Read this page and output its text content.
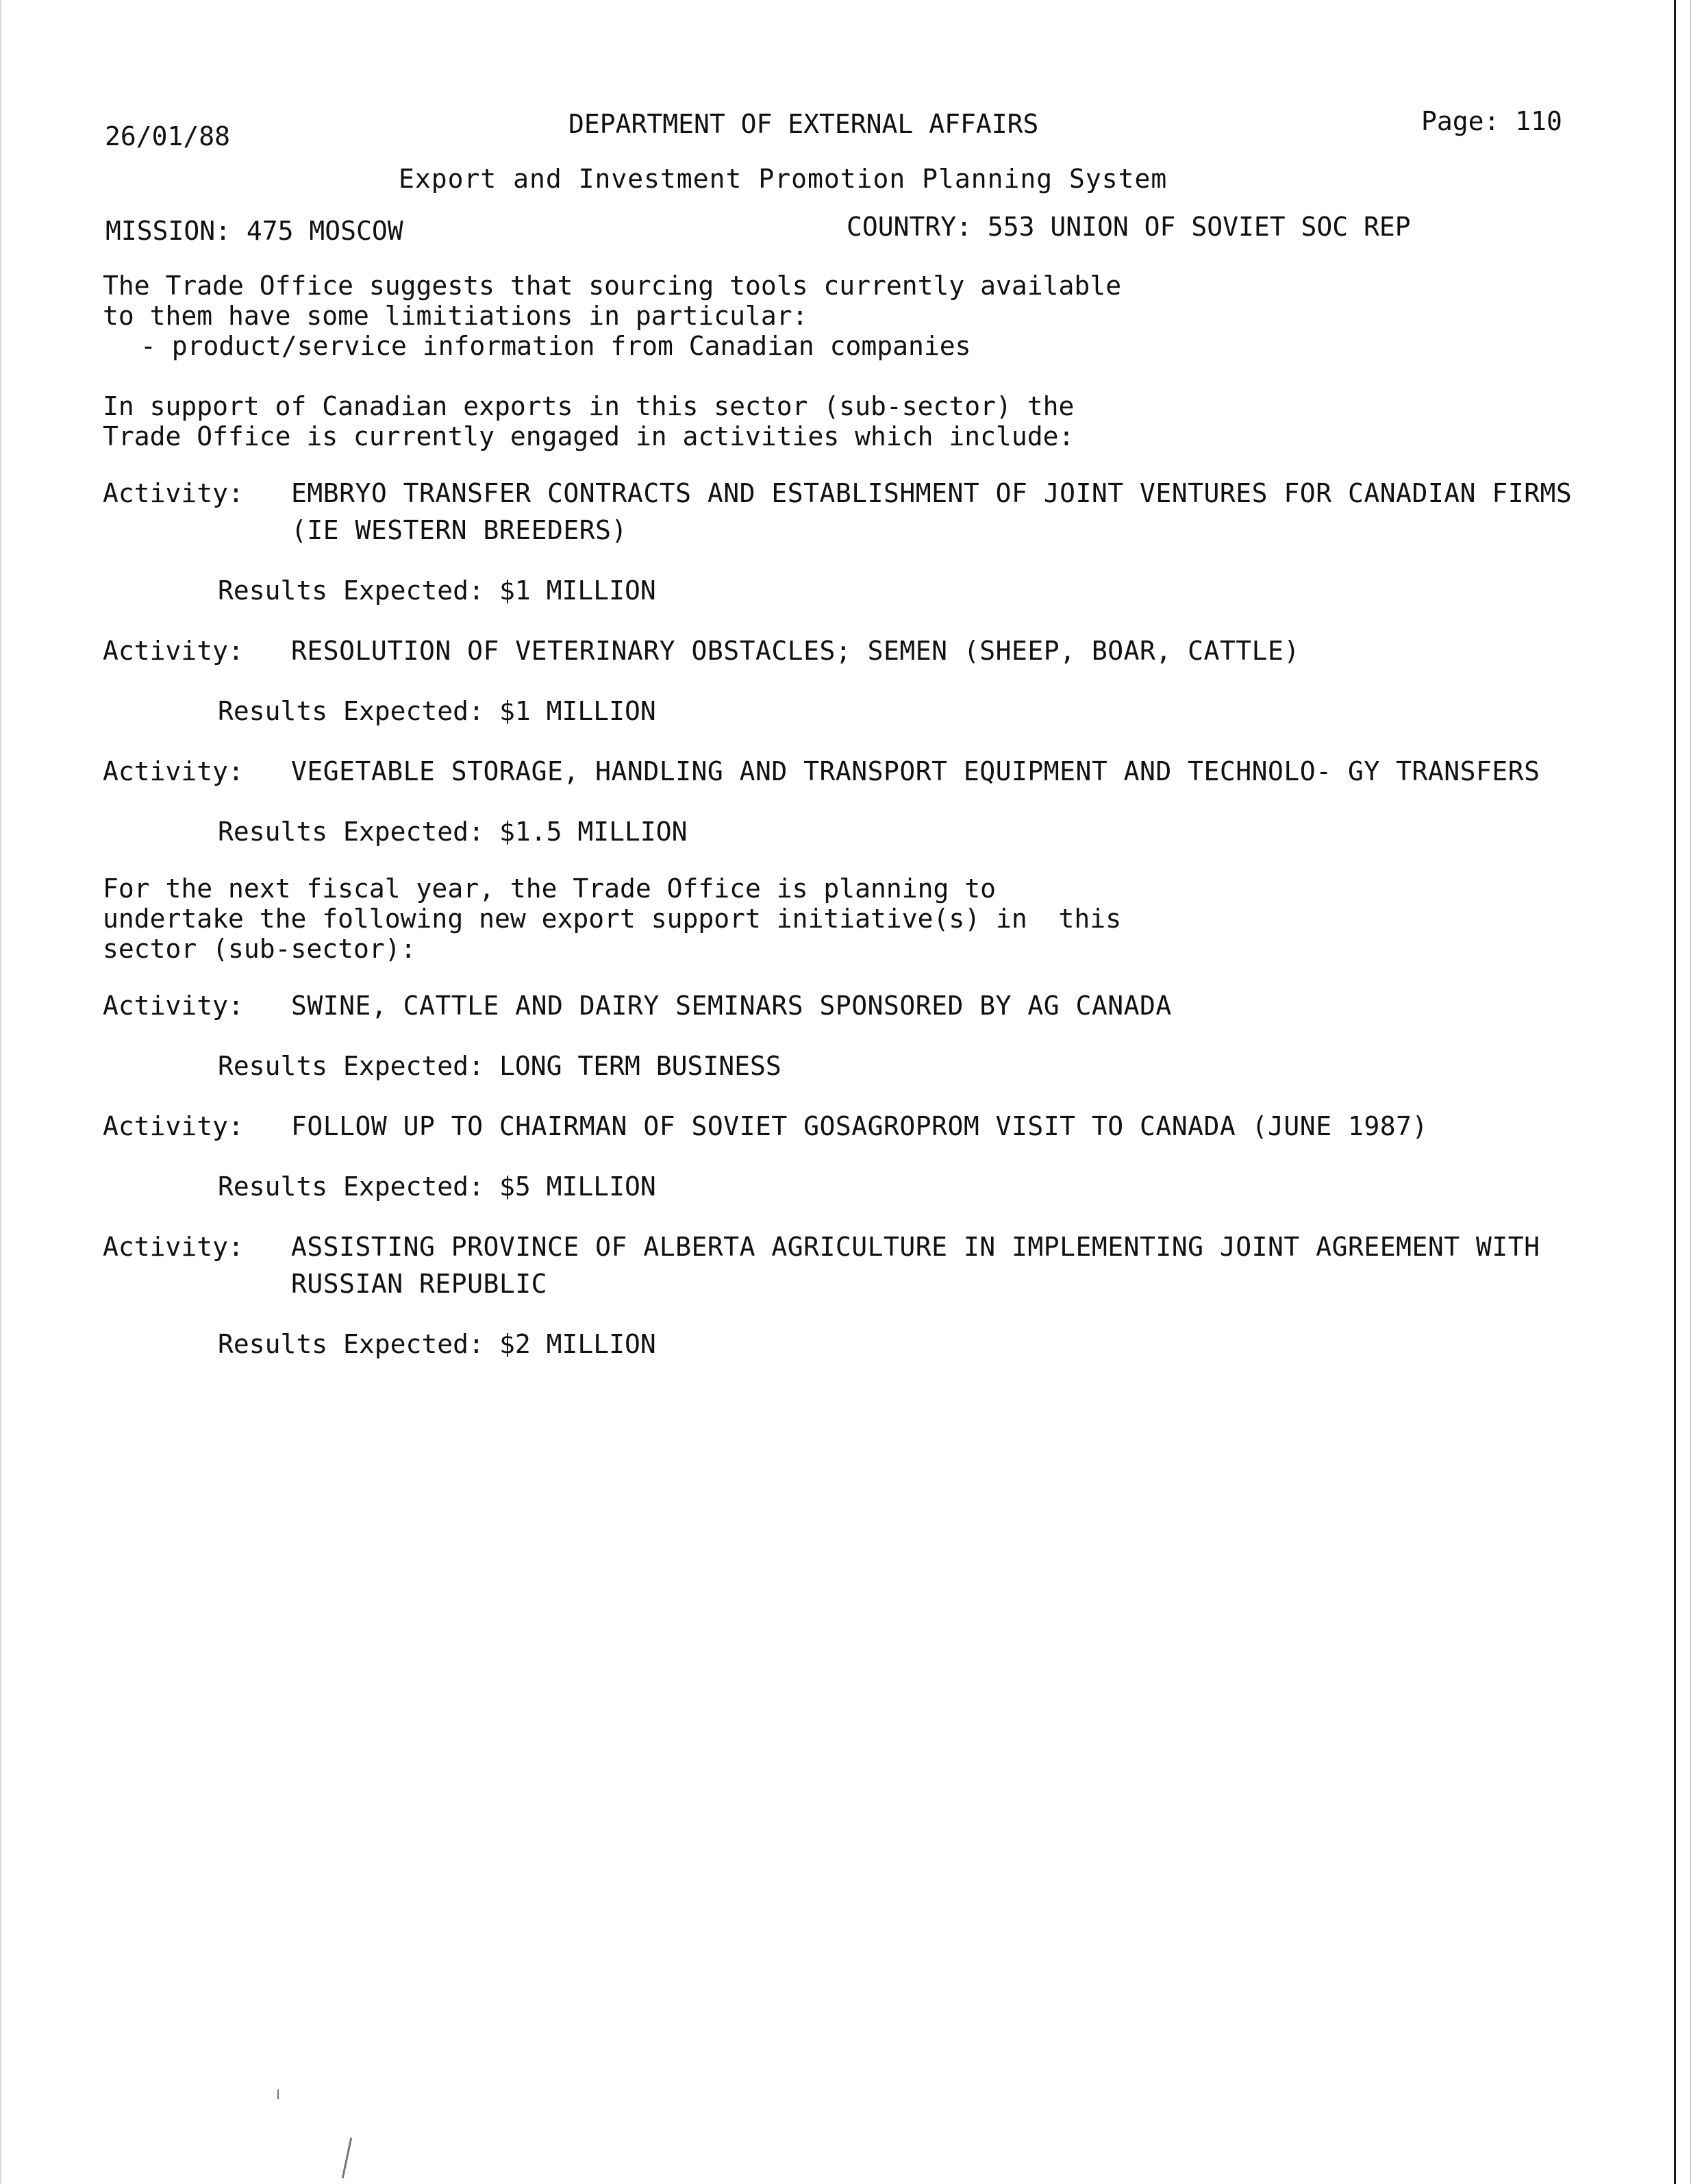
26/01/88	DEPARTMENT OF EXTERNAL AFFAIRS	Page: 110
Export and Investment Promotion Planning System
MISSION: 475 MOSCOW	COUNTRY: 553 UNION OF SOVIET SOC REP

The Trade Office suggests that sourcing tools currently available

to them have some limitiations in particular:

- product/service information from Canadian companies

In support of Canadian exports in this sector (sub-sector) the

Trade Office is currently engaged in activities which include:

Activity:	EMBRYO TRANSFER CONTRACTS AND ESTABLISHMENT OF JOINT VENTURES FOR CANADIAN FIRMS (IE WESTERN BREEDERS)
Results Expected: $1 MILLION
Activity:	RESOLUTION OF VETERINARY OBSTACLES; SEMEN (SHEEP, BOAR, CATTLE)
Results Expected: $1 MILLION
Activity:	VEGETABLE STORAGE, HANDLING AND TRANSPORT EQUIPMENT AND TECHNOLO- GY TRANSFERS
Results Expected: $1.5 MILLION

For the next fiscal year, the Trade Office is planning to

undertake the following new export support initiative(s) in  this

sector (sub-sector):

Activity:	SWINE, CATTLE AND DAIRY SEMINARS SPONSORED BY AG CANADA
Results Expected: LONG TERM BUSINESS
Activity:	FOLLOW UP TO CHAIRMAN OF SOVIET GOSAGROPROM VISIT TO CANADA (JUNE 1987)
Results Expected: $5 MILLION
Activity:	ASSISTING PROVINCE OF ALBERTA AGRICULTURE IN IMPLEMENTING JOINT AGREEMENT WITH RUSSIAN REPUBLIC
Results Expected: $2 MILLION
